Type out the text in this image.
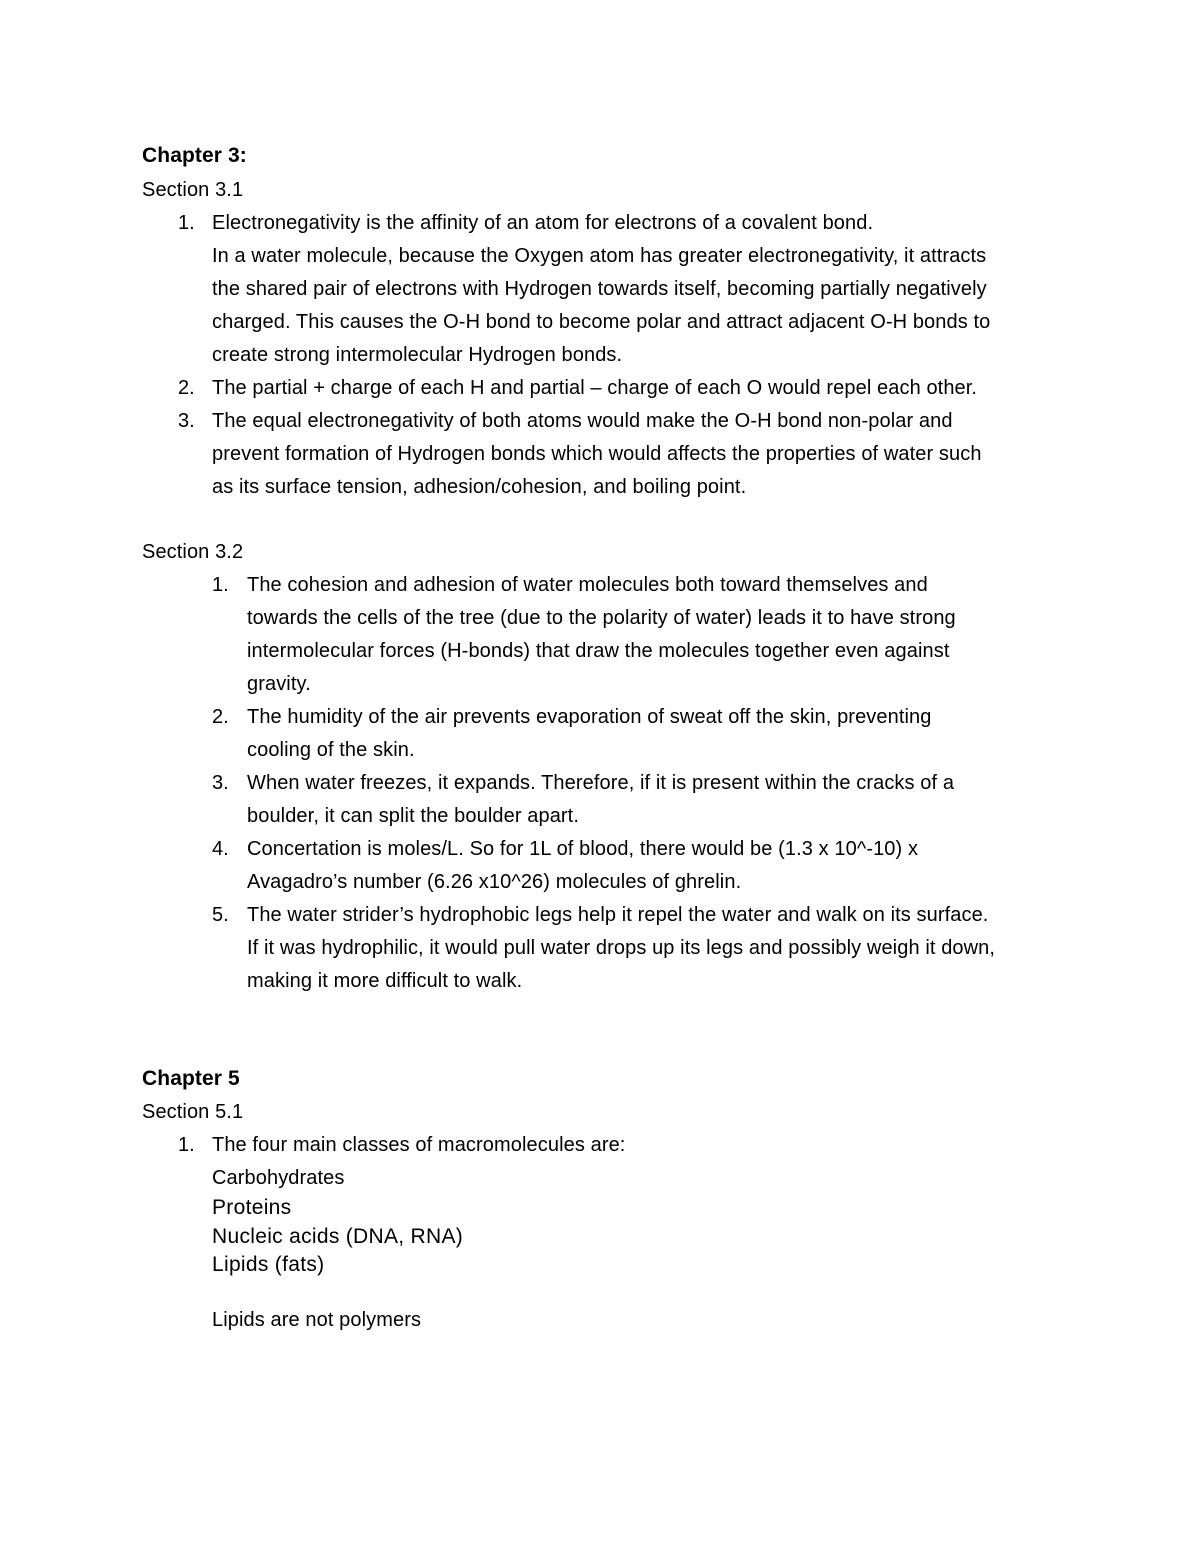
Chapter 3:
Section 3.1
1. Electronegativity is the affinity of an atom for electrons of a covalent bond.
In a water molecule, because the Oxygen atom has greater electronegativity, it attracts
the shared pair of electrons with Hydrogen towards itself, becoming partially negatively
charged. This causes the O-H bond to become polar and attract adjacent O-H bonds to
create strong intermolecular Hydrogen bonds.
2. The partial + charge of each H and partial – charge of each O would repel each other.
3. The equal electronegativity of both atoms would make the O-H bond non-polar and
prevent formation of Hydrogen bonds which would affects the properties of water such
as its surface tension, adhesion/cohesion, and boiling point.
Section 3.2
1. The cohesion and adhesion of water molecules both toward themselves and
towards the cells of the tree (due to the polarity of water) leads it to have strong
intermolecular forces (H-bonds) that draw the molecules together even against
gravity.
2. The humidity of the air prevents evaporation of sweat off the skin, preventing
cooling of the skin.
3. When water freezes, it expands. Therefore, if it is present within the cracks of a
boulder, it can split the boulder apart.
4. Concertation is moles/L. So for 1L of blood, there would be (1.3 x 10^-10) x
Avagadro’s number (6.26 x10^26) molecules of ghrelin.
5. The water strider’s hydrophobic legs help it repel the water and walk on its surface.
If it was hydrophilic, it would pull water drops up its legs and possibly weigh it down,
making it more difficult to walk.
Chapter 5
Section 5.1
1. The four main classes of macromolecules are:
Carbohydrates
Proteins
Nucleic acids (DNA, RNA)
Lipids (fats)
Lipids are not polymers
